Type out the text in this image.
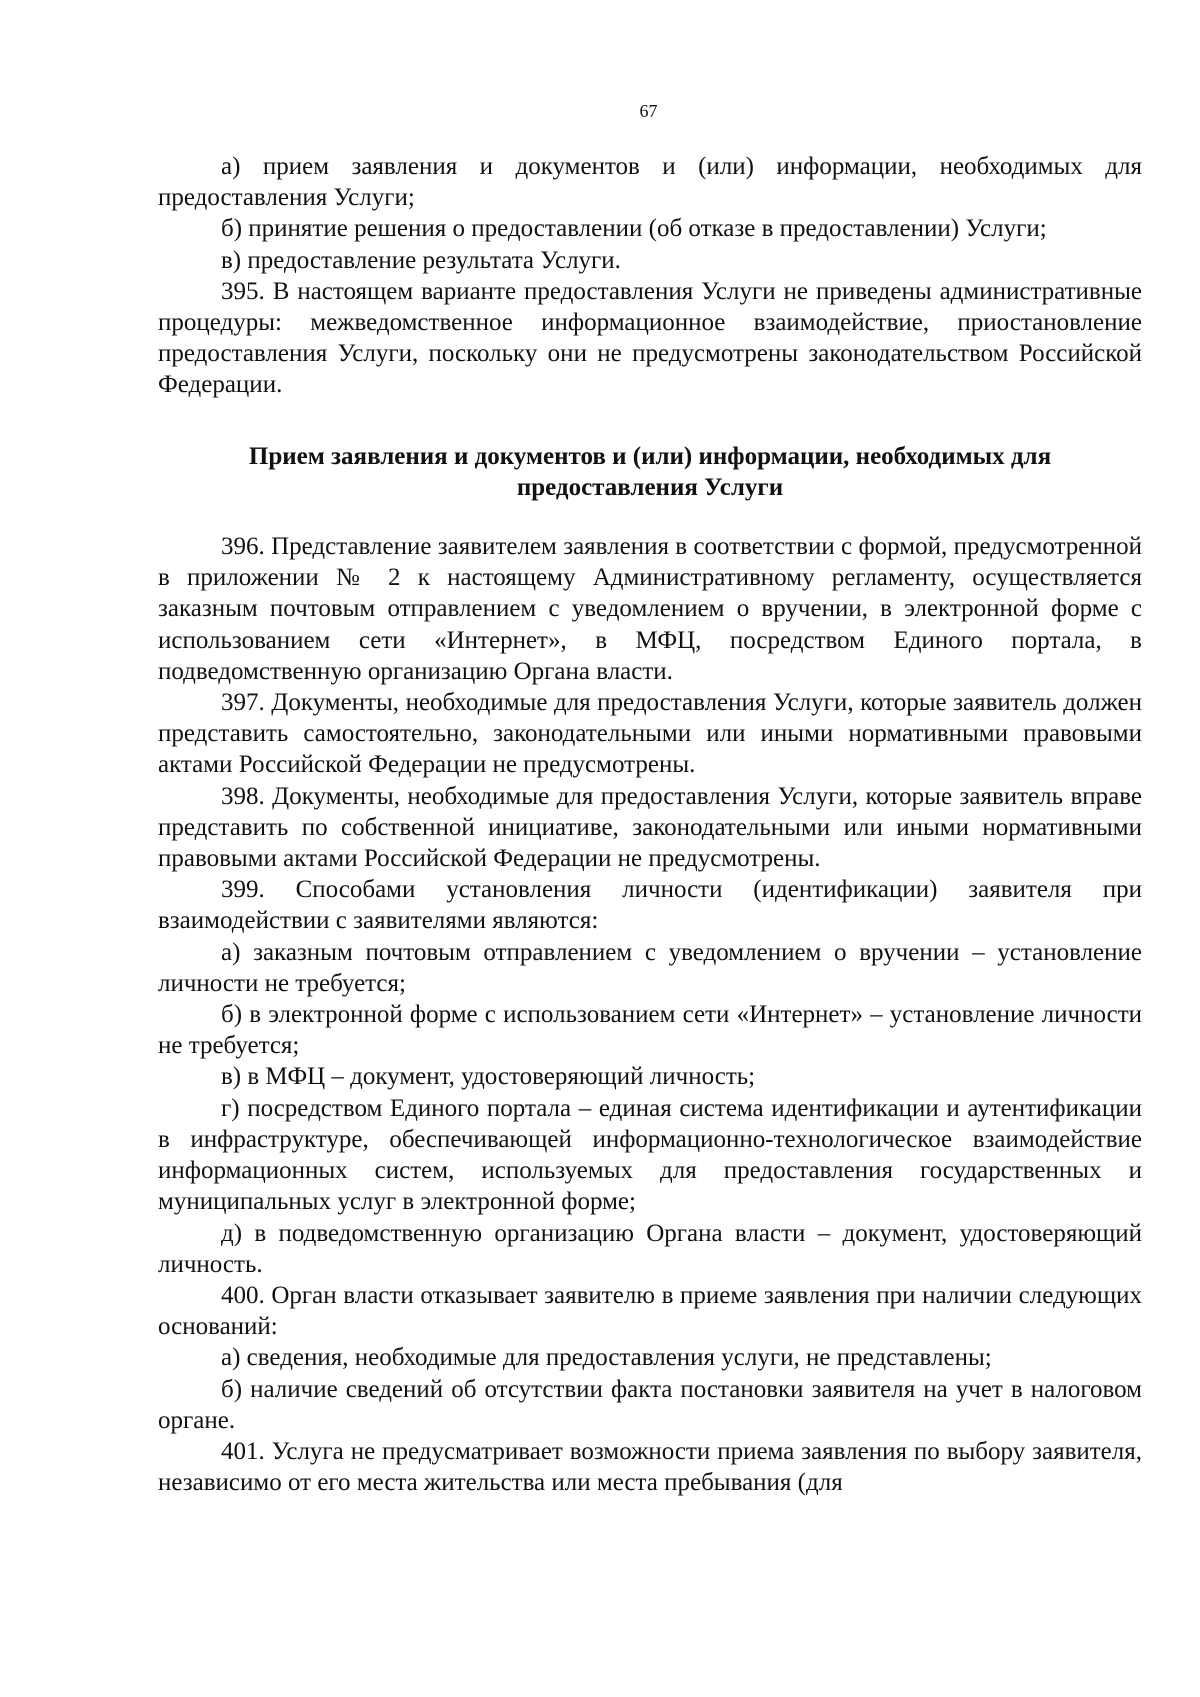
67

а) прием заявления и документов и (или) информации, необходимых для предоставления Услуги;

б) принятие решения о предоставлении (об отказе в предоставлении) Услуги;

в) предоставление результата Услуги.

395. В настоящем варианте предоставления Услуги не приведены административные процедуры: межведомственное информационное взаимодействие, приостановление предоставления Услуги, поскольку они не предусмотрены законодательством Российской Федерации.

Прием заявления и документов и (или) информации, необходимых для
предоставления Услуги

396. Представление заявителем заявления в соответствии с формой, предусмотренной в приложении № 2 к настоящему Административному регламенту, осуществляется заказным почтовым отправлением с уведомлением о вручении, в электронной форме с использованием сети «Интернет», в МФЦ, посредством Единого портала, в подведомственную организацию Органа власти.

397. Документы, необходимые для предоставления Услуги, которые заявитель должен представить самостоятельно, законодательными или иными нормативными правовыми актами Российской Федерации не предусмотрены.

398. Документы, необходимые для предоставления Услуги, которые заявитель вправе представить по собственной инициативе, законодательными или иными нормативными правовыми актами Российской Федерации не предусмотрены.

399. Способами установления личности (идентификации) заявителя при взаимодействии с заявителями являются:

а) заказным почтовым отправлением с уведомлением о вручении – установление личности не требуется;

б) в электронной форме с использованием сети «Интернет» – установление личности не требуется;

в) в МФЦ – документ, удостоверяющий личность;

г) посредством Единого портала – единая система идентификации и аутентификации в инфраструктуре, обеспечивающей информационно-технологическое взаимодействие информационных систем, используемых для предоставления государственных и муниципальных услуг в электронной форме;

д) в подведомственную организацию Органа власти – документ, удостоверяющий личность.

400. Орган власти отказывает заявителю в приеме заявления при наличии следующих оснований:

а) сведения, необходимые для предоставления услуги, не представлены;

б) наличие сведений об отсутствии факта постановки заявителя на учет в налоговом органе.

401. Услуга не предусматривает возможности приема заявления по выбору заявителя, независимо от его места жительства или места пребывания (для
